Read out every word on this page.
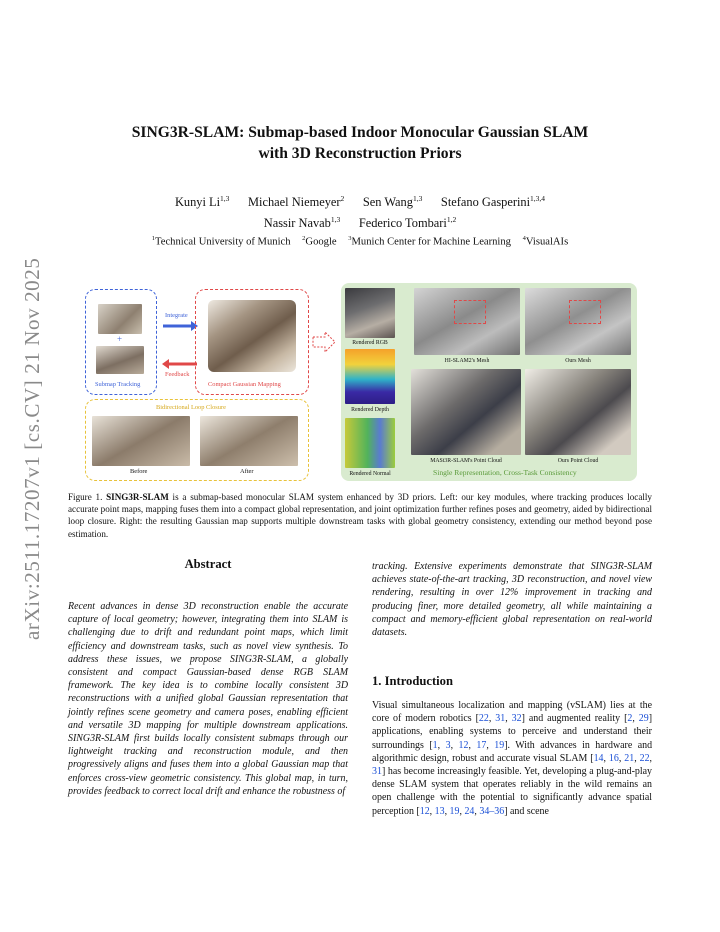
arXiv:2511.17207v1 [cs.CV] 21 Nov 2025
SING3R-SLAM: Submap-based Indoor Monocular Gaussian SLAM
with 3D Reconstruction Priors
Kunyi Li$^{1,3}$ Michael Niemeyer$^2$ Sen Wang$^{1,3}$ Stefano Gasperini$^{1,3,4}$
Nassir Navab$^{1,3}$ Federico Tombari$^{1,2}$
$^1$Technical University of Munich $^2$Google $^3$Munich Center for Machine Learning $^4$VisualAIs
+
Submap Tracking
Integrate
Feedback
Compact Gaussian Mapping
Bidirectional Loop Closure
Before	After
Rendered RGB
Rendered Depth
Rendered Normal
HI-SLAM2's Mesh	Ours Mesh
MASt3R-SLAM's Point Cloud	Ours Point Cloud
Single Representation, Cross-Task Consistency
Figure 1. SING3R-SLAM is a submap-based monocular SLAM system enhanced by 3D priors. Left: our key modules, where tracking produces locally accurate point maps, mapping fuses them into a compact global representation, and joint optimization further refines poses and geometry, aided by bidirectional loop closure. Right: the resulting Gaussian map supports multiple downstream tasks with global geometry consistency, extending our method beyond pose estimation.
Abstract
Recent advances in dense 3D reconstruction enable the accurate capture of local geometry; however, integrating them into SLAM is challenging due to drift and redundant point maps, which limit efficiency and downstream tasks, such as novel view synthesis. To address these issues, we propose SING3R-SLAM, a globally consistent and compact Gaussian-based dense RGB SLAM framework. The key idea is to combine locally consistent 3D reconstructions with a unified global Gaussian representation that jointly refines scene geometry and camera poses, enabling efficient and versatile 3D mapping for multiple downstream applications. SING3R-SLAM first builds locally consistent submaps through our lightweight tracking and reconstruction module, and then progressively aligns and fuses them into a global Gaussian map that enforces cross-view geometric consistency. This global map, in turn, provides feedback to correct local drift and enhance the robustness of
tracking. Extensive experiments demonstrate that SING3R-SLAM achieves state-of-the-art tracking, 3D reconstruction, and novel view rendering, resulting in over 12% improvement in tracking and producing finer, more detailed geometry, all while maintaining a compact and memory-efficient global representation on real-world datasets.
1. Introduction
Visual simultaneous localization and mapping (vSLAM) lies at the core of modern robotics [22, 31, 32] and augmented reality [2, 29] applications, enabling systems to perceive and understand their surroundings [1, 3, 12, 17, 19]. With advances in hardware and algorithmic design, robust and accurate visual SLAM [14, 16, 21, 22, 31] has become increasingly feasible. Yet, developing a plug-and-play dense SLAM system that operates reliably in the wild remains an open challenge with the potential to significantly advance spatial perception [12, 13, 19, 24, 34–36] and scene
